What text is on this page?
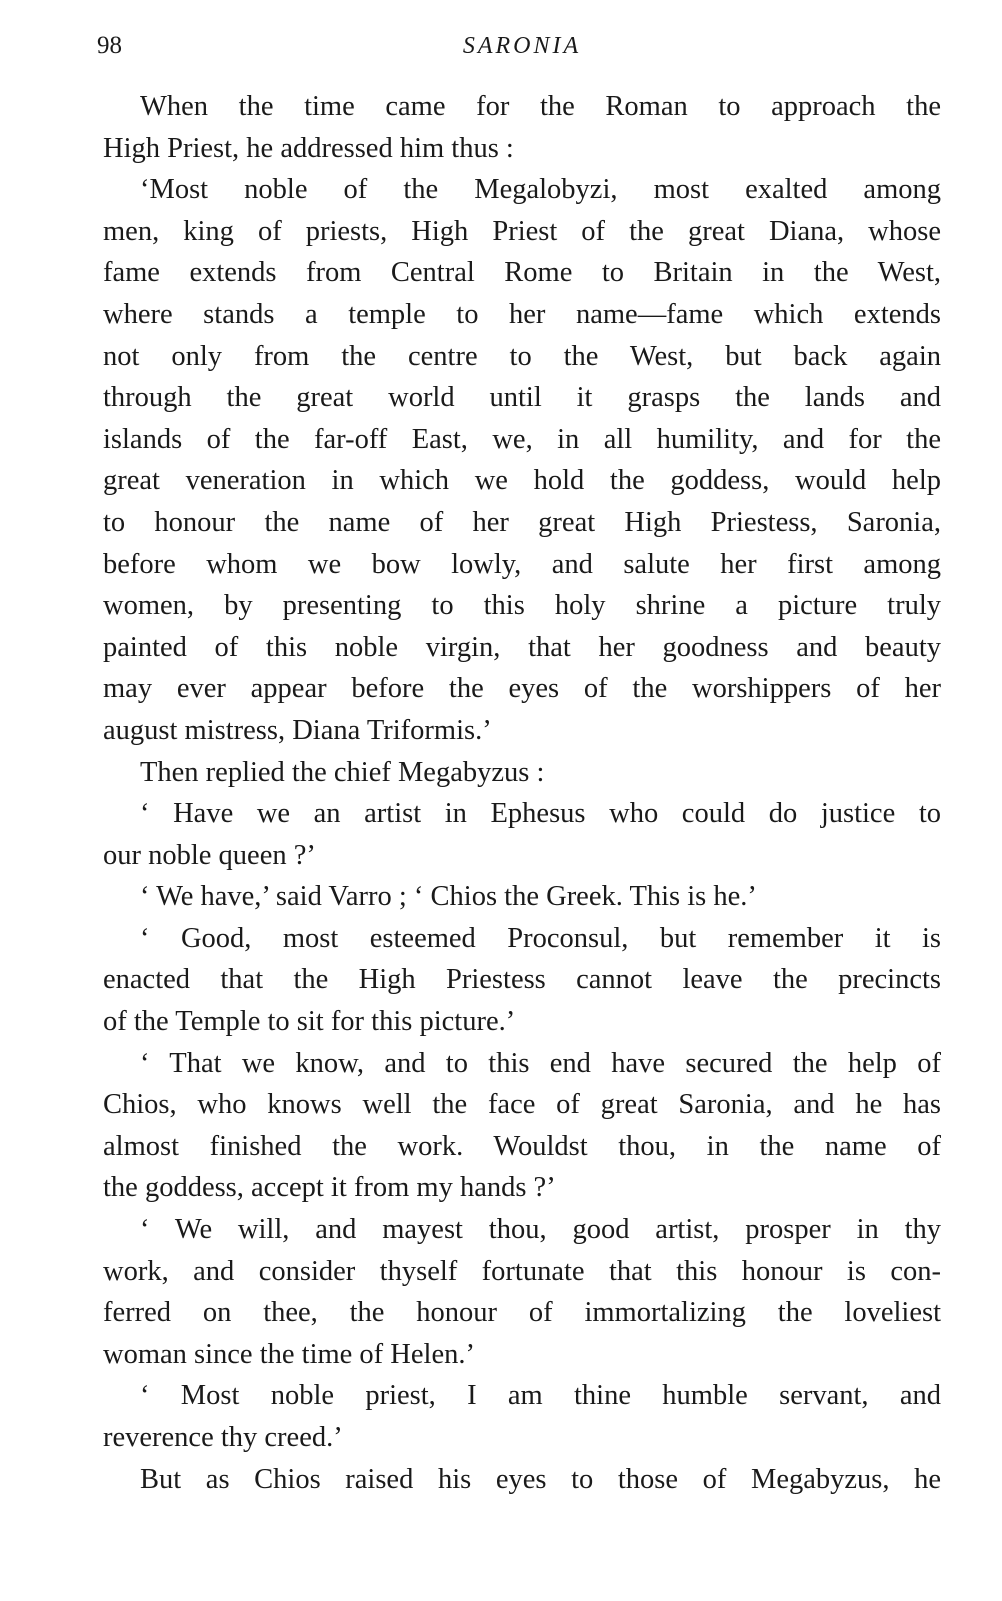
98	SARONIA

When the time came for the Roman to approach the
High Priest, he addressed him thus :

‘Most noble of the Megalobyzi, most exalted among
men, king of priests, High Priest of the great Diana, whose
fame extends from Central Rome to Britain in the West,
where stands a temple to her name—fame which extends
not only from the centre to the West, but back again
through the great world until it grasps the lands and
islands of the far-off East, we, in all humility, and for the
great veneration in which we hold the goddess, would help
to honour the name of her great High Priestess, Saronia,
before whom we bow lowly, and salute her first among
women, by presenting to this holy shrine a picture truly
painted of this noble virgin, that her goodness and beauty
may ever appear before the eyes of the worshippers of her
august mistress, Diana Triformis.’

Then replied the chief Megabyzus :

‘ Have we an artist in Ephesus who could do justice to
our noble queen ?’

‘ We have,’ said Varro ; ‘ Chios the Greek. This is he.’

‘ Good, most esteemed Proconsul, but remember it is
enacted that the High Priestess cannot leave the precincts
of the Temple to sit for this picture.’

‘ That we know, and to this end have secured the help of
Chios, who knows well the face of great Saronia, and he has
almost finished the work. Wouldst thou, in the name of
the goddess, accept it from my hands ?’

‘ We will, and mayest thou, good artist, prosper in thy
work, and consider thyself fortunate that this honour is con-
ferred on thee, the honour of immortalizing the loveliest
woman since the time of Helen.’

‘ Most noble priest, I am thine humble servant, and
reverence thy creed.’

But as Chios raised his eyes to those of Megabyzus, he
